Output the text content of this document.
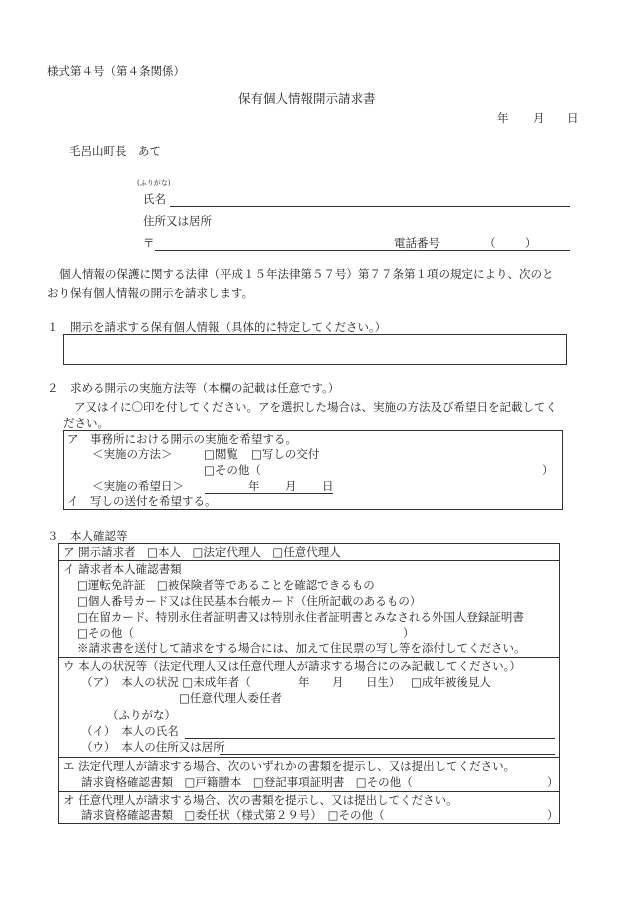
様式第４号（第４条関係）
保有個人情報開示請求書
年 月 日
毛呂山町長　あて
(ふりがな)
氏名
住所又は居所
〒	電話番号	（	）
個人情報の保護に関する法律（平成１５年法律第５７号）第７７条第１項の規定により、次のと
おり保有個人情報の開示を請求します。
１　開示を請求する保有個人情報（具体的に特定してください。）
２　求める開示の実施方法等（本欄の記載は任意です。）
ア又はイに〇印を付してください。アを選択した場合は、実施の方法及び希望日を記載してく
ださい。
ア　事務所における開示の実施を希望する。
＜実施の方法＞	□閲覧 □写しの交付
□その他（	）
＜実施の希望日＞	年 月 日
イ　写しの送付を希望する。
３　本人確認等
ア 開示請求者　□本人　□法定代理人　□任意代理人
イ 請求者本人確認書類
□運転免許証　□被保険者等であることを確認できるもの
□個人番号カード又は住民基本台帳カード（住所記載のあるもの）
□在留カード、特別永住者証明書又は特別永住者証明書とみなされる外国人登録証明書
□その他（	）
※請求書を送付して請求をする場合には、加えて住民票の写し等を添付してください。
ウ 本人の状況等（法定代理人又は任意代理人が請求する場合にのみ記載してください。）
（ア）　本人の状況 □未成年者（	年 月 日生） □成年被後見人
□任意代理人委任者
（ふりがな）
（イ）　本人の氏名
（ウ）　本人の住所又は居所
エ 法定代理人が請求する場合、次のいずれかの書類を提示し、又は提出してください。
請求資格確認書類　□戸籍謄本　□登記事項証明書　□その他（	）
オ 任意代理人が請求する場合、次の書類を提示し、又は提出してください。
請求資格確認書類　□委任状（様式第２９号）　□その他（	）
